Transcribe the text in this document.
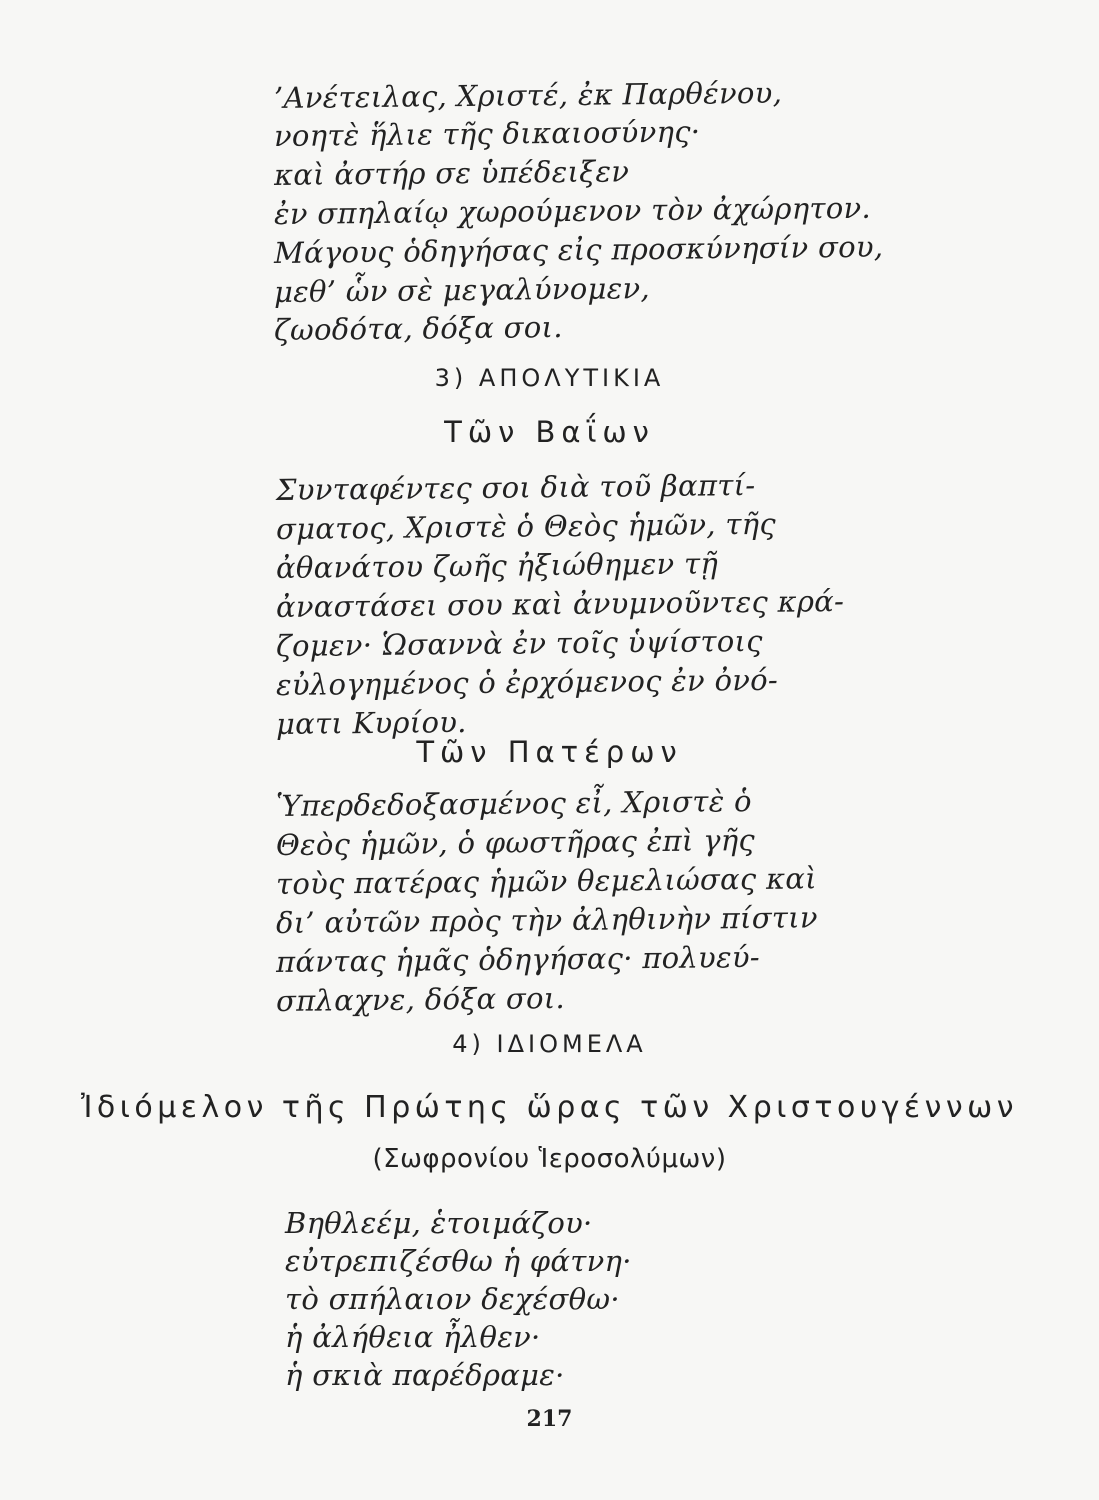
’Ανέτειλας, Χριστέ, ἐκ Παρθένου,
νοητὲ ἥλιε τῆς δικαιοσύνης·
καὶ ἀστήρ σε ὑπέδειξεν
ἐν σπηλαίῳ χωρούμενον τὸν ἀχώρητον.
Μάγους ὁδηγήσας εἰς προσκύνησίν σου,
μεθ’ ὧν σὲ μεγαλύνομεν,
ζωοδότα, δόξα σοι.
3) ΑΠΟΛΥΤΙΚΙΑ
Τῶν Βαΐων
Συνταφέντες σοι διὰ τοῦ βαπτί-
σματος, Χριστὲ ὁ Θεὸς ἡμῶν, τῆς
ἀθανάτου ζωῆς ἠξιώθημεν τῇ
ἀναστάσει σου καὶ ἀνυμνοῦντες κρά-
ζομεν· Ὡσαννὰ ἐν τοῖς ὑψίστοις
εὐλογημένος ὁ ἐρχόμενος ἐν ὀνό-
ματι Κυρίου.
Τῶν Πατέρων
Ὑπερδεδοξασμένος εἶ, Χριστὲ ὁ
Θεὸς ἡμῶν, ὁ φωστῆρας ἐπὶ γῆς
τοὺς πατέρας ἡμῶν θεμελιώσας καὶ
δι’ αὐτῶν πρὸς τὴν ἀληθινὴν πίστιν
πάντας ἡμᾶς ὁδηγήσας· πολυεύ-
σπλαχνε, δόξα σοι.
4) ΙΔΙΟΜΕΛΑ
Ἰδιόμελον τῆς Πρώτης ὥρας τῶν Χριστουγέννων
(Σωφρονίου Ἱεροσολύμων)
Βηθλεέμ, ἑτοιμάζου·
εὐτρεπιζέσθω ἡ φάτνη·
τὸ σπήλαιον δεχέσθω·
ἡ ἀλήθεια ἦλθεν·
ἡ σκιὰ παρέδραμε·
217
